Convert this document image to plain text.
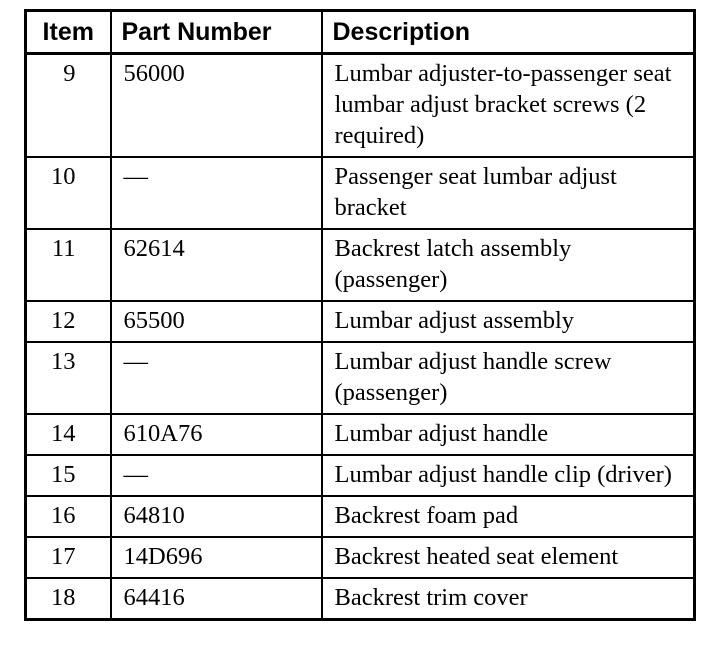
Item	Part Number	Description
9	56000	Lumbar adjuster-to-passenger seat lumbar adjust bracket screws (2 required)
10	—	Passenger seat lumbar adjust bracket
11	62614	Backrest latch assembly (passenger)
12	65500	Lumbar adjust assembly
13	—	Lumbar adjust handle screw (passenger)
14	610A76	Lumbar adjust handle
15	—	Lumbar adjust handle clip (driver)
16	64810	Backrest foam pad
17	14D696	Backrest heated seat element
18	64416	Backrest trim cover
